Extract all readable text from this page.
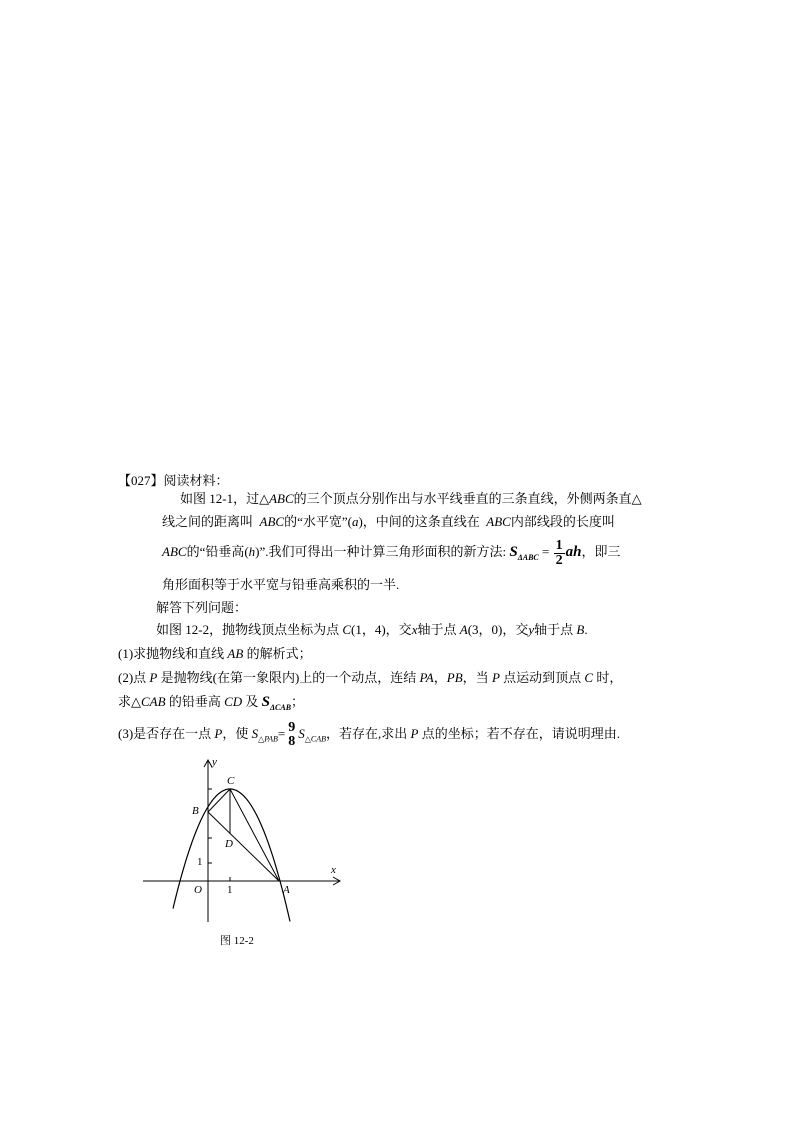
【027】阅读材料：
如图 12-1，过△ABC的三个顶点分别作出与水平线垂直的三条直线，外侧两条直△
线之间的距离叫 ABC的“水平宽”(a)，中间的这条直线在 ABC内部线段的长度叫
ABC的“铅垂高(h)”.我们可得出一种计算三角形面积的新方法: $S_{\Delta ABC} = \frac{1}{2}$ ah，即三
角形面积等于水平宽与铅垂高乘积的一半.
解答下列问题：
如图 12-2，抛物线顶点坐标为点 C(1，4)，交x轴于点 A(3，0)，交y轴于点 B.
(1)求抛物线和直线 AB 的解析式；
(2)点 P 是抛物线(在第一象限内)上的一个动点，连结 PA，PB，当 P 点运动到顶点 C 时，
求△CAB 的铅垂高 CD 及 $S_{\Delta CAB}$；
(3)是否存在一点 P，使 $S_{\triangle PAB}= 9$
8
$S_{\triangle CAB}$，若存在,求出 P 点的坐标；若不存在，请说明理由.
y
x
C
B
D
1
O 1	A
图 12-2
